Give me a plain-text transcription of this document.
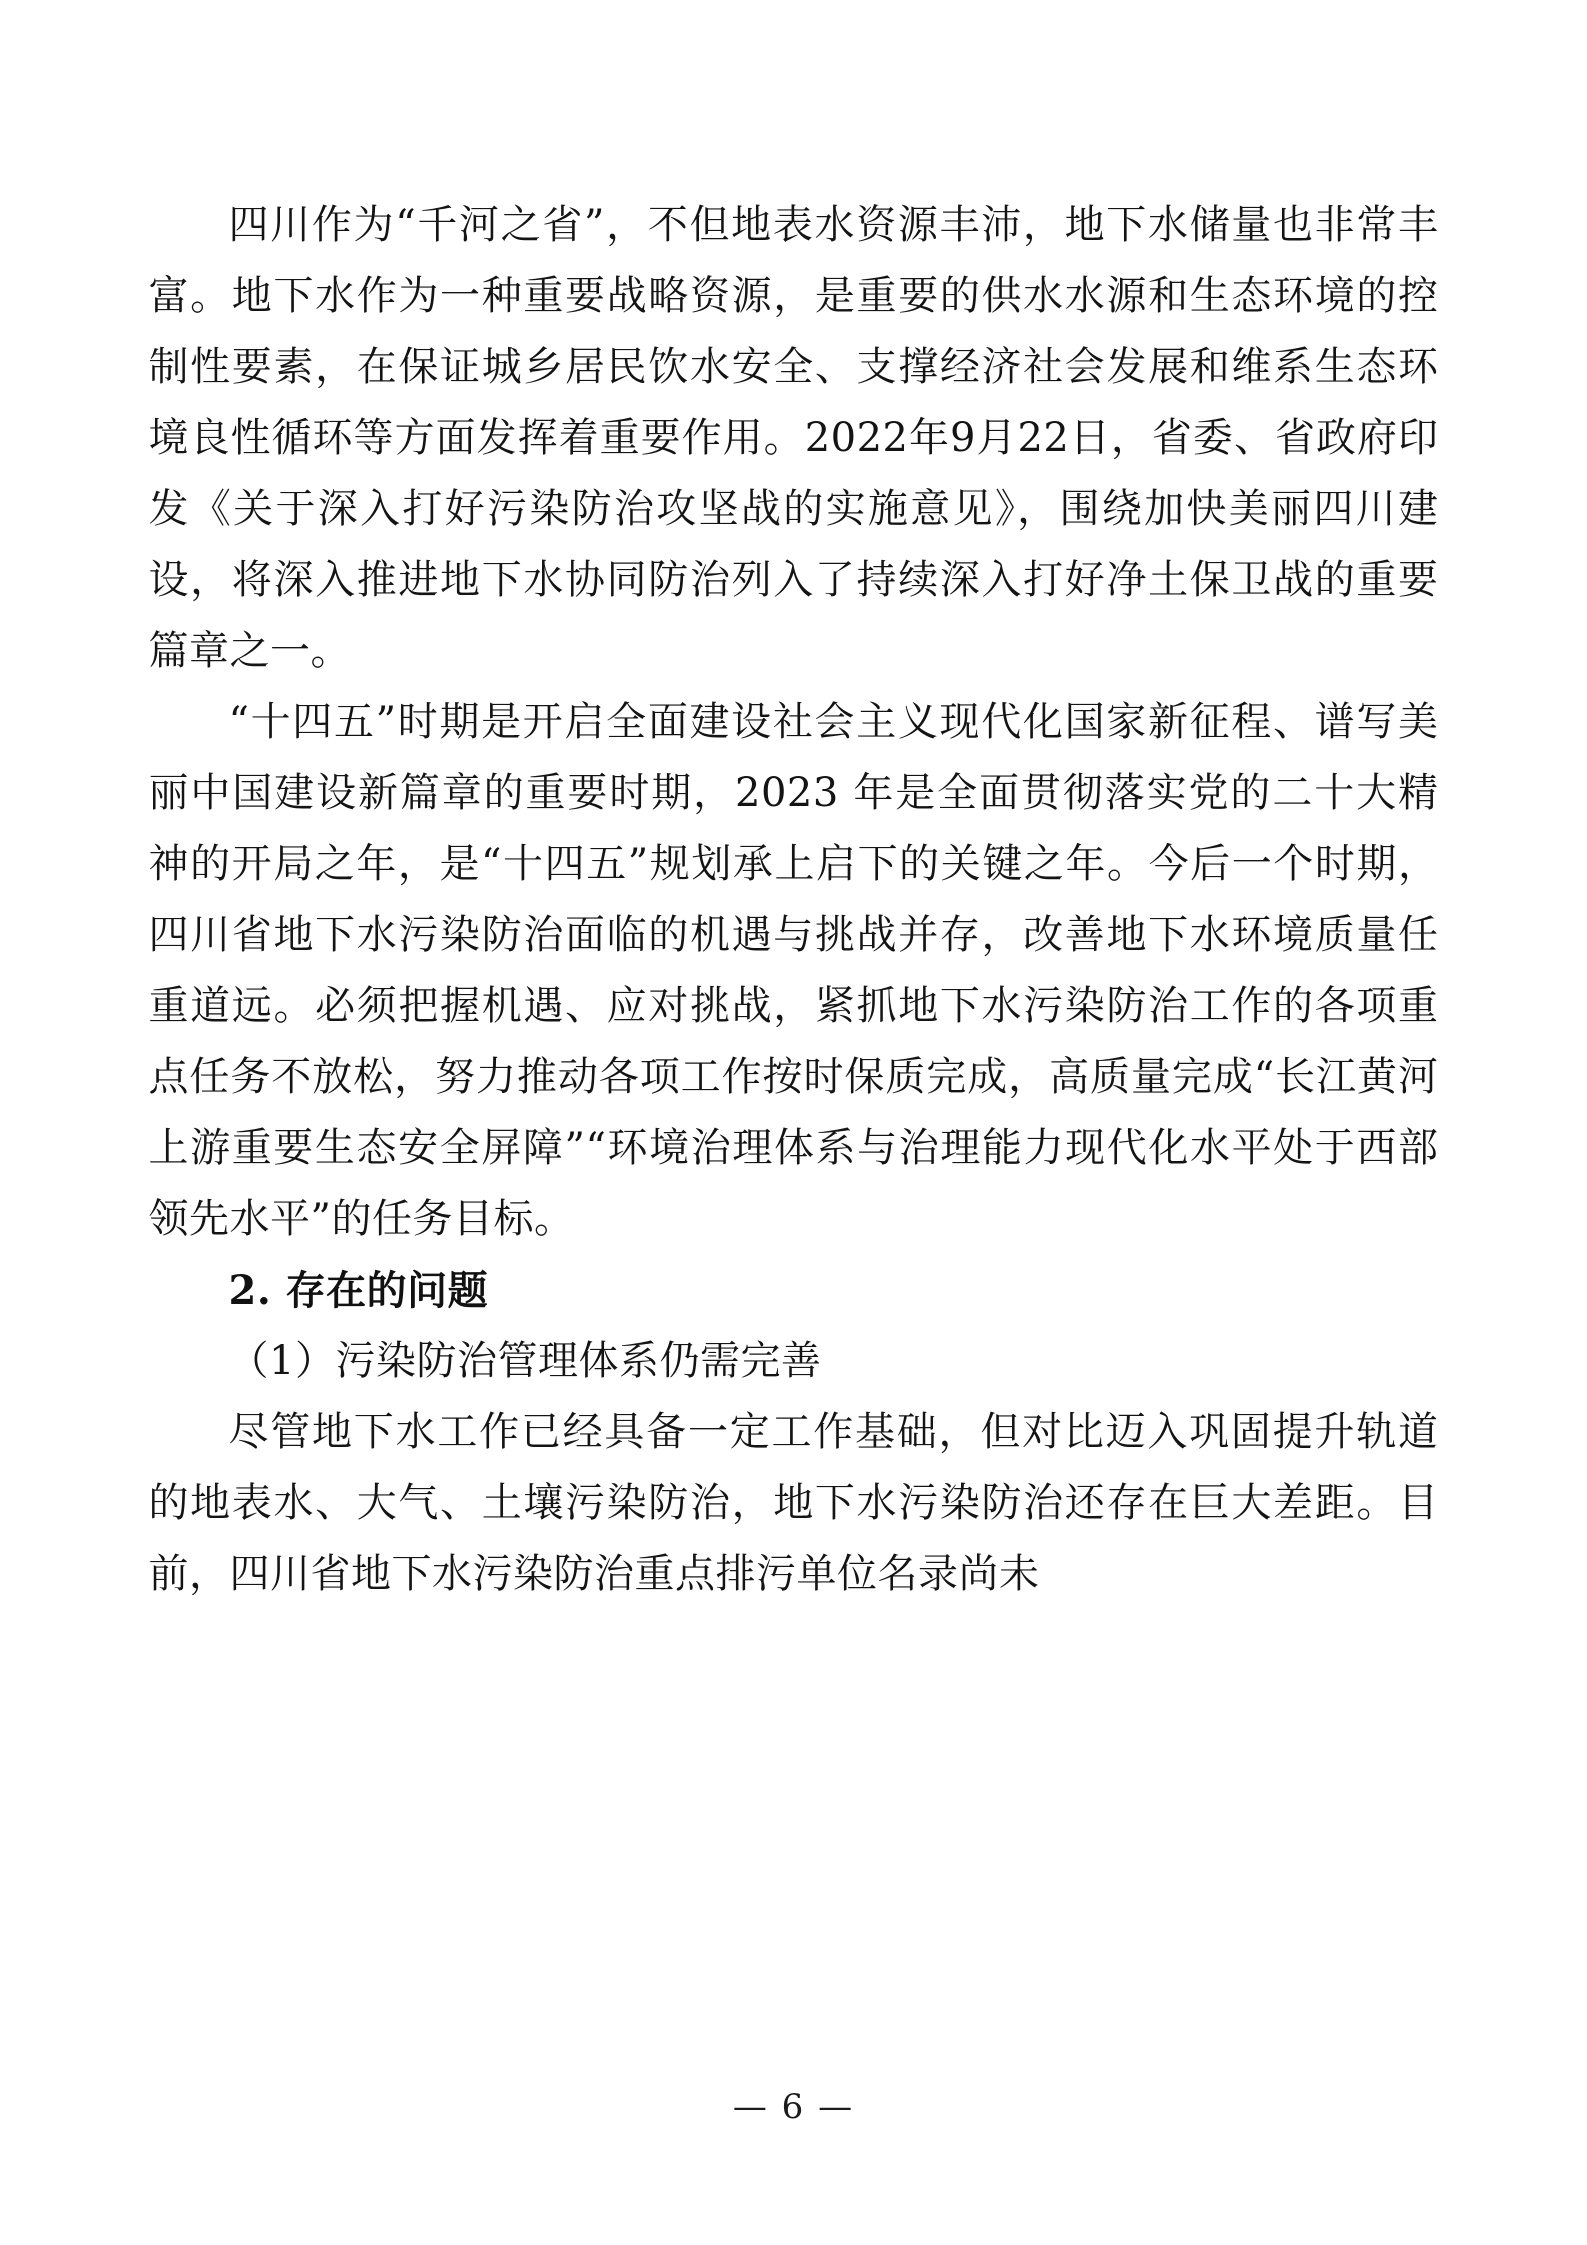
四川作为“千河之省”，不但地表水资源丰沛，地下水储量也非常丰富。地下水作为一种重要战略资源，是重要的供水水源和生态环境的控制性要素，在保证城乡居民饮水安全、支撑经济社会发展和维系生态环境良性循环等方面发挥着重要作用。2022年9月22日，省委、省政府印发《关于深入打好污染防治攻坚战的实施意见》，围绕加快美丽四川建设，将深入推进地下水协同防治列入了持续深入打好净土保卫战的重要篇章之一。

“十四五”时期是开启全面建设社会主义现代化国家新征程、谱写美丽中国建设新篇章的重要时期，2023 年是全面贯彻落实党的二十大精神的开局之年，是“十四五”规划承上启下的关键之年。今后一个时期，四川省地下水污染防治面临的机遇与挑战并存，改善地下水环境质量任重道远。必须把握机遇、应对挑战，紧抓地下水污染防治工作的各项重点任务不放松，努力推动各项工作按时保质完成，高质量完成“长江黄河上游重要生态安全屏障”“环境治理体系与治理能力现代化水平处于西部领先水平”的任务目标。

2. 存在的问题

（1）污染防治管理体系仍需完善

尽管地下水工作已经具备一定工作基础，但对比迈入巩固提升轨道的地表水、大气、土壤污染防治，地下水污染防治还存在巨大差距。目前，四川省地下水污染防治重点排污单位名录尚未

— 6 —
